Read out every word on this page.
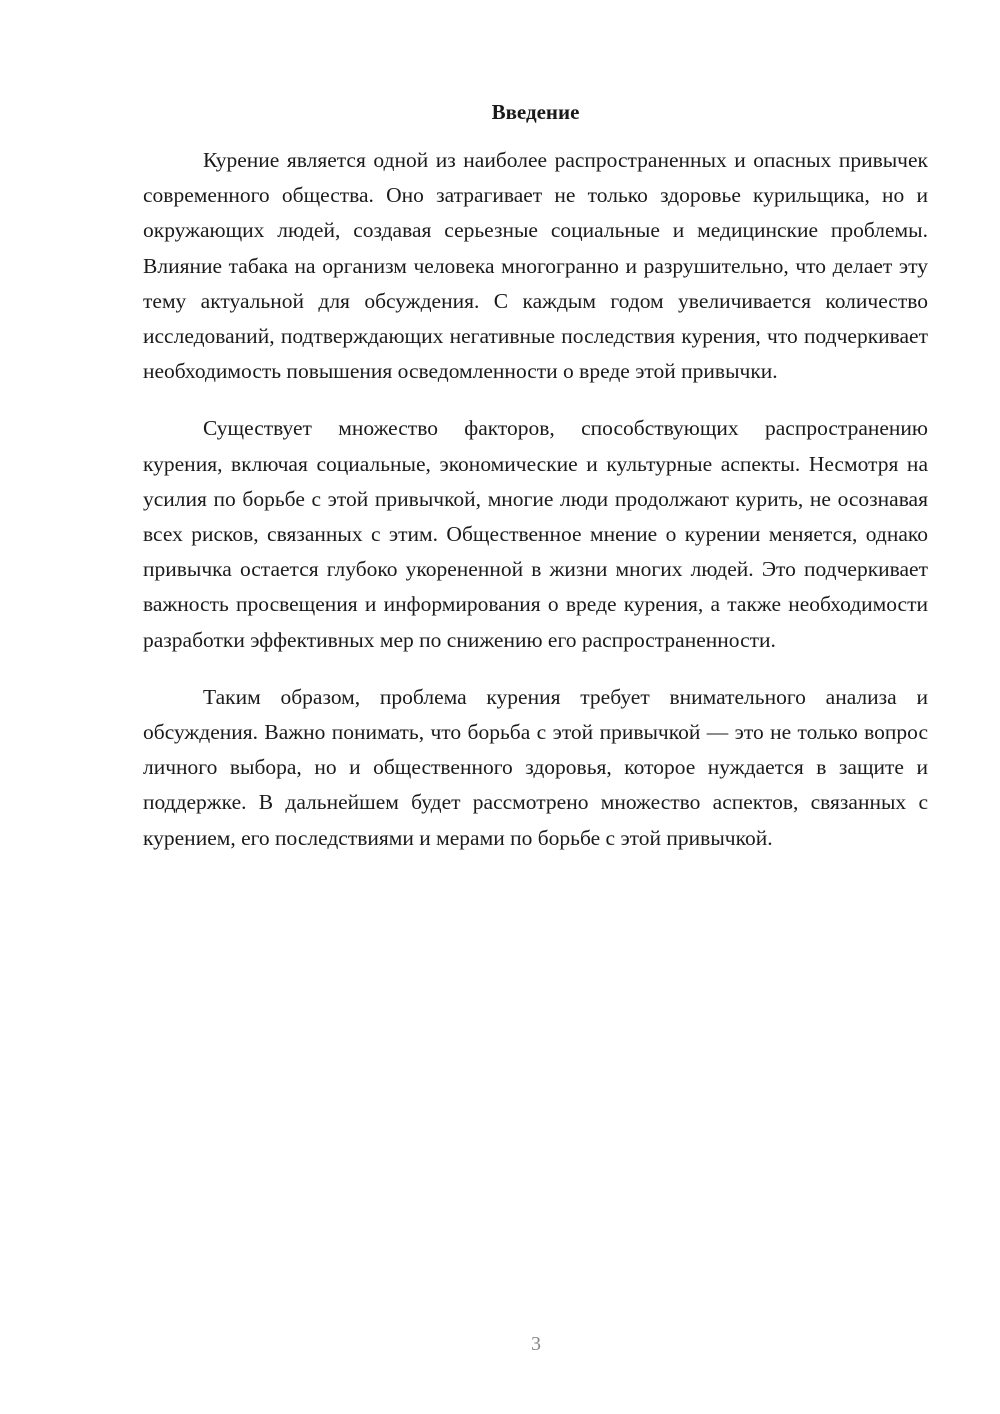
Введение

Курение является одной из наиболее распространенных и опасных привычек современного общества. Оно затрагивает не только здоровье курильщика, но и окружающих людей, создавая серьезные социальные и медицинские проблемы. Влияние табака на организм человека многогранно и разрушительно, что делает эту тему актуальной для обсуждения. С каждым годом увеличивается количество исследований, подтверждающих негативные последствия курения, что подчеркивает необходимость повышения осведомленности о вреде этой привычки.

Существует множество факторов, способствующих распространению курения, включая социальные, экономические и культурные аспекты. Несмотря на усилия по борьбе с этой привычкой, многие люди продолжают курить, не осознавая всех рисков, связанных с этим. Общественное мнение о курении меняется, однако привычка остается глубоко укорененной в жизни многих людей. Это подчеркивает важность просвещения и информирования о вреде курения, а также необходимости разработки эффективных мер по снижению его распространенности.

Таким образом, проблема курения требует внимательного анализа и обсуждения. Важно понимать, что борьба с этой привычкой — это не только вопрос личного выбора, но и общественного здоровья, которое нуждается в защите и поддержке. В дальнейшем будет рассмотрено множество аспектов, связанных с курением, его последствиями и мерами по борьбе с этой привычкой.

3
